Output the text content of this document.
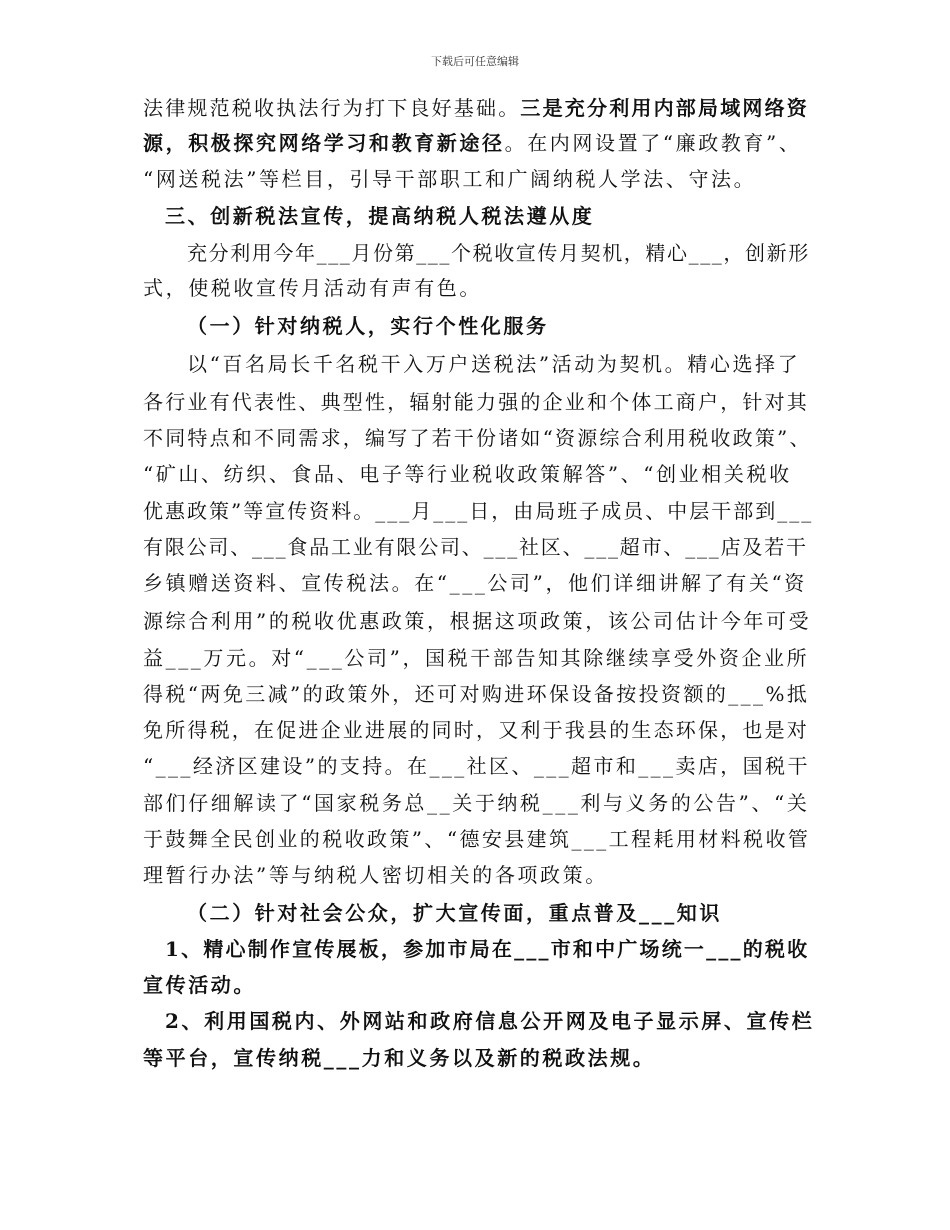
下载后可任意编辑
法律规范税收执法行为打下良好基础。三是充分利用内部局域网络资
源，积极探究网络学习和教育新途径。在内网设置了“廉政教育”、
“网送税法”等栏目，引导干部职工和广阔纳税人学法、守法。
三、创新税法宣传，提高纳税人税法遵从度
充分利用今年___月份第___个税收宣传月契机，精心___，创新形
式，使税收宣传月活动有声有色。
（一）针对纳税人，实行个性化服务
以“百名局长千名税干入万户送税法”活动为契机。精心选择了
各行业有代表性、典型性，辐射能力强的企业和个体工商户，针对其
不同特点和不同需求，编写了若干份诸如“资源综合利用税收政策”、
“矿山、纺织、食品、电子等行业税收政策解答”、“创业相关税收
优惠政策”等宣传资料。___月___日，由局班子成员、中层干部到___
有限公司、___食品工业有限公司、___社区、___超市、___店及若干
乡镇赠送资料、宣传税法。在“___公司”，他们详细讲解了有关“资
源综合利用”的税收优惠政策，根据这项政策，该公司估计今年可受
益___万元。对“___公司”，国税干部告知其除继续享受外资企业所
得税“两免三减”的政策外，还可对购进环保设备按投资额的___%抵
免所得税，在促进企业进展的同时，又利于我县的生态环保，也是对
“___经济区建设”的支持。在___社区、___超市和___卖店，国税干
部们仔细解读了“国家税务总__关于纳税___利与义务的公告”、“关
于鼓舞全民创业的税收政策”、“德安县建筑___工程耗用材料税收管
理暂行办法”等与纳税人密切相关的各项政策。
（二）针对社会公众，扩大宣传面，重点普及___知识
1、精心制作宣传展板，参加市局在___市和中广场统一___的税收
宣传活动。
2、利用国税内、外网站和政府信息公开网及电子显示屏、宣传栏
等平台，宣传纳税___力和义务以及新的税政法规。
